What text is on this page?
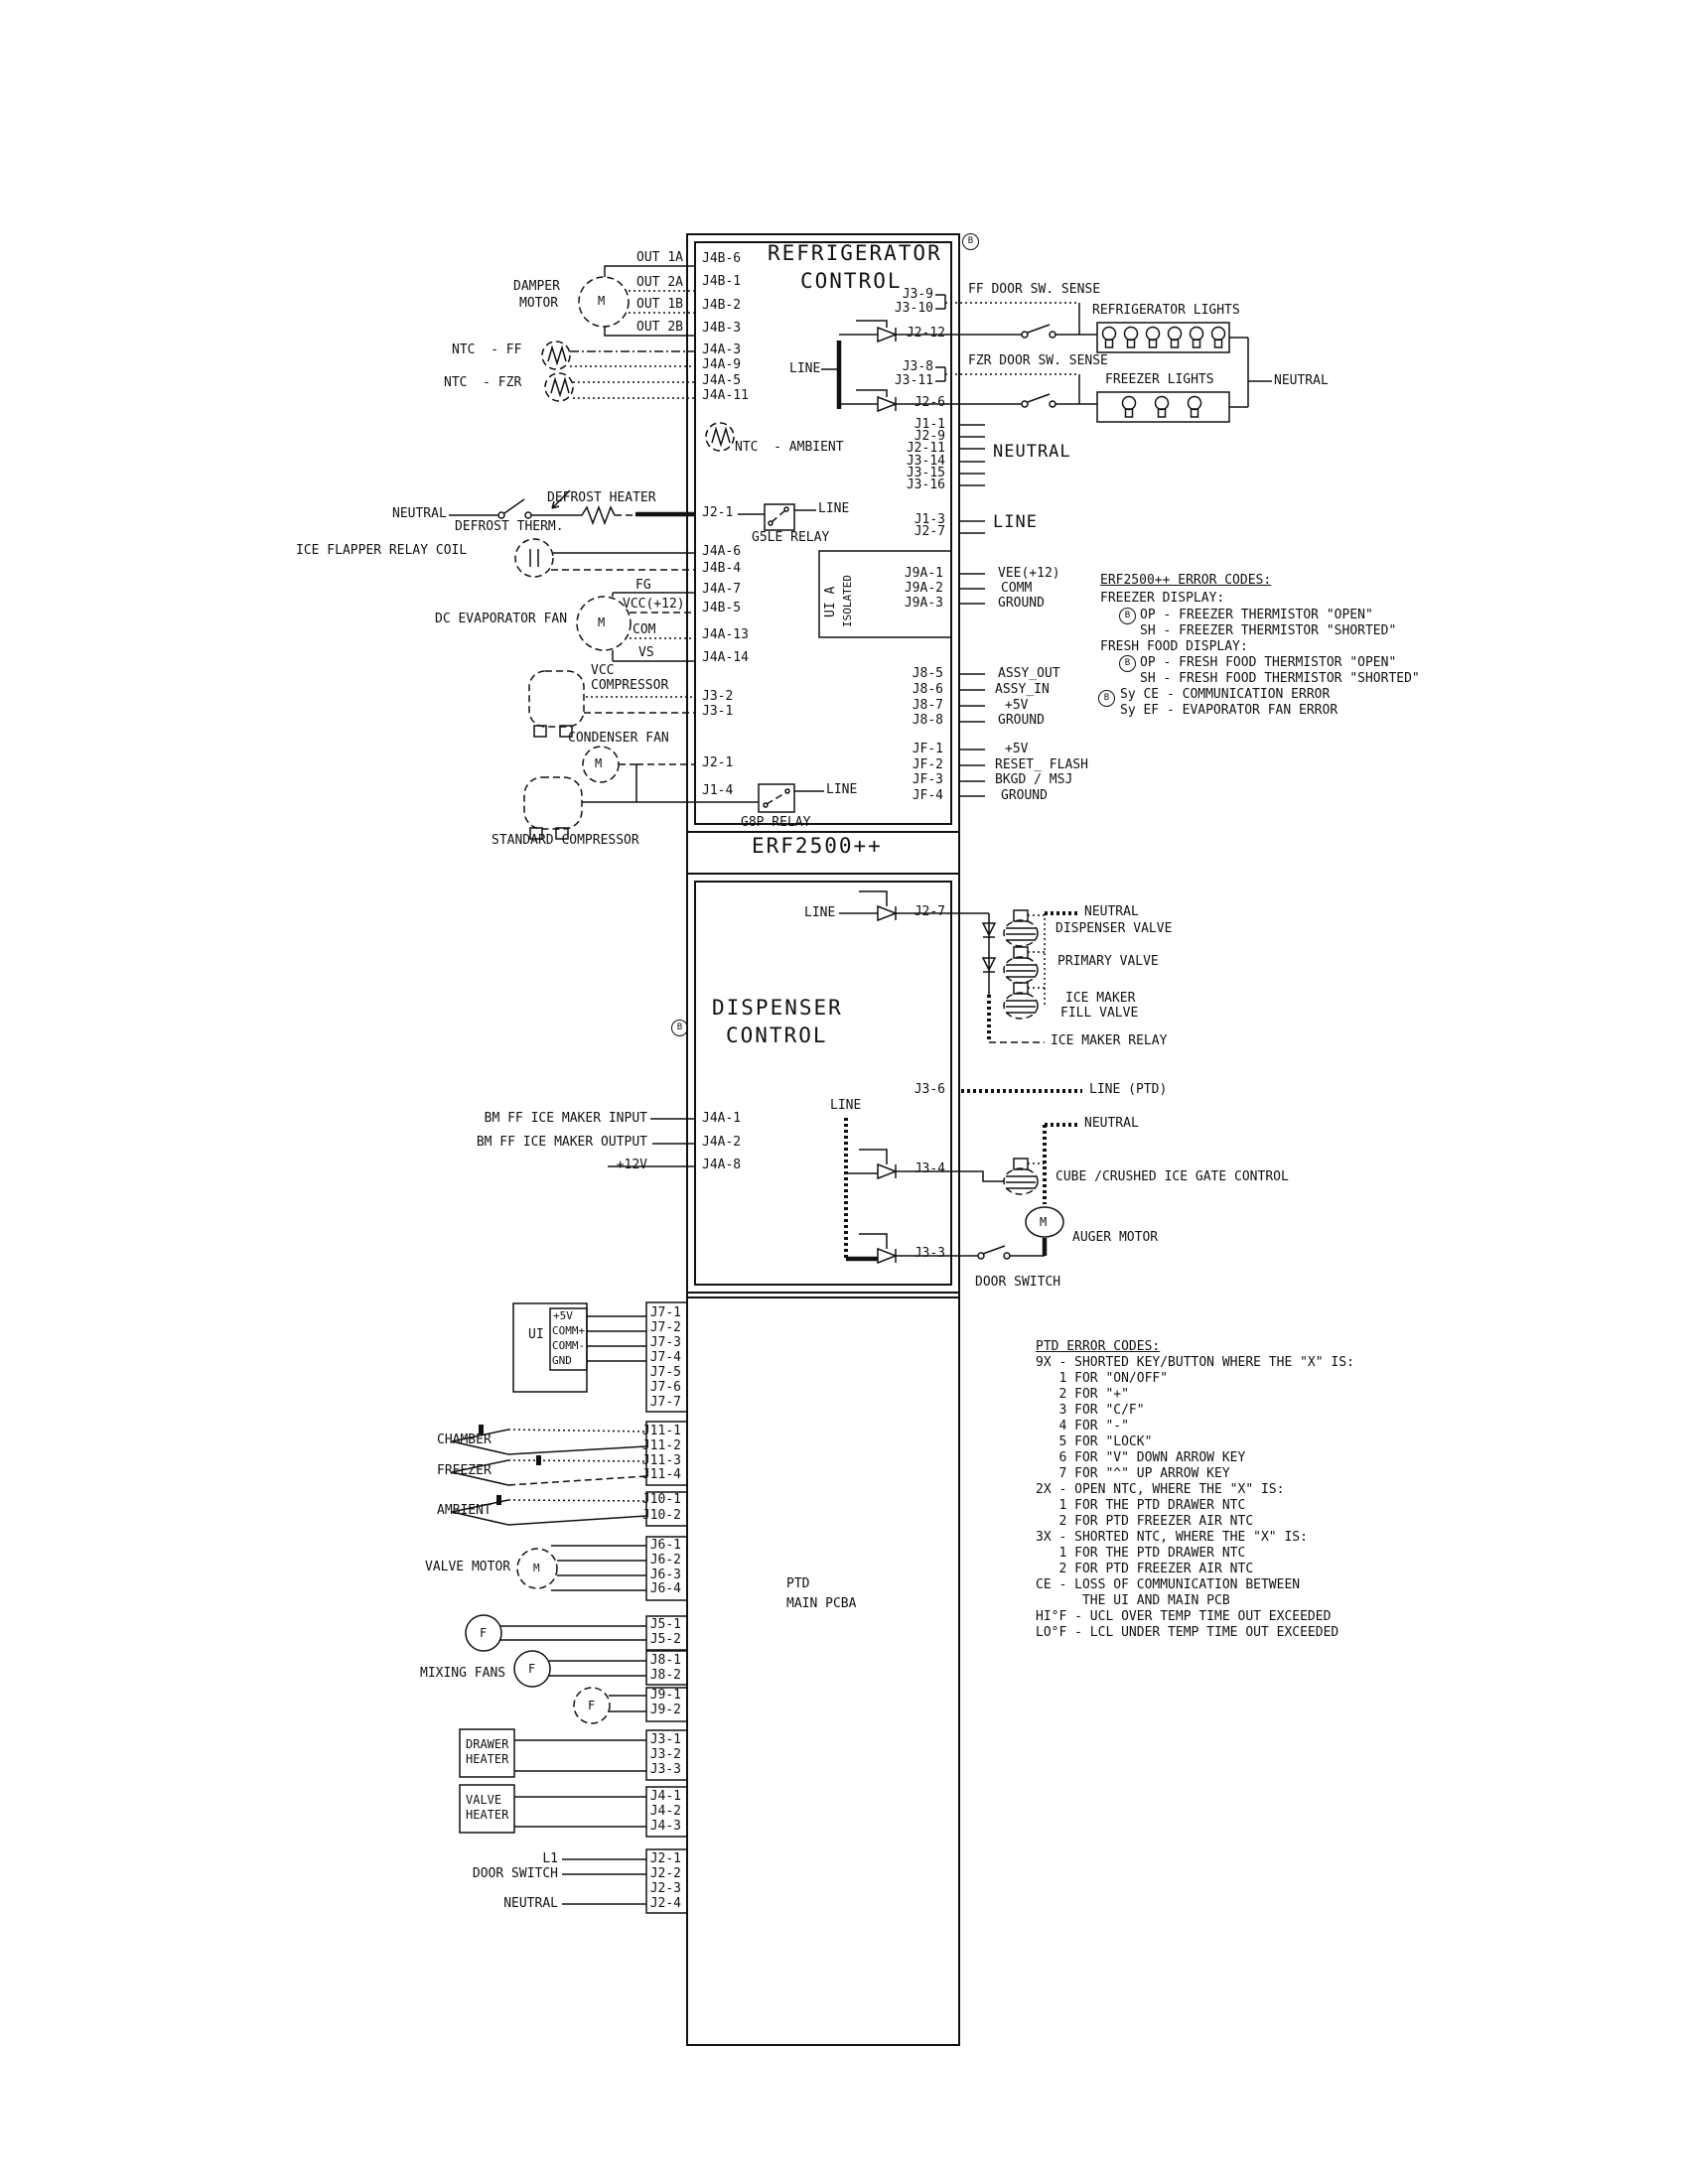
REFRIGERATOR
CONTROL
B
DAMPER
MOTOR	M
OUT 1A
OUT 2A
OUT 1B
OUT 2B
J4B-6
J4B-1
J4B-2
J4B-3
NTC  - FF	J4A-3
J4A-9
NTC  - FZR	J4A-5
J4A-11
NTC  - AMBIENT
LINE
J3-9
J3-10
FF DOOR SW. SENSE
J2-12
J3-8
J3-11
FZR DOOR SW. SENSE
J2-6
REFRIGERATOR LIGHTS
FREEZER LIGHTS	NEUTRAL
J1-1
J2-9
J2-11
J3-14
J3-15
J3-16
NEUTRAL
J1-3
J2-7	LINE
NEUTRAL
DEFROST HEATER
DEFROST THERM.
J2-1	LINE
G5LE RELAY
ICE FLAPPER RELAY COIL	J4A-6
J4B-4
DC EVAPORATOR FAN	M
FG
VCC(+12)
COM
VS
J4A-7
J4B-5
J4A-13
J4A-14
VCC
COMPRESSOR
J3-2
J3-1
CONDENSER FAN
M	J2-1
STANDARD COMPRESSOR
J1-4	LINE
G8P RELAY
UI A ISOLATED
J9A-1
J9A-2
J9A-3
VEE(+12)
COMM
GROUND
J8-5
J8-6
J8-7
J8-8
ASSY_OUT
ASSY_IN
+5V
GROUND
JF-1
JF-2
JF-3
JF-4
+5V
RESET_ FLASH
BKGD / MSJ
GROUND
ERF2500++
ERF2500++ ERROR CODES:
FREEZER DISPLAY:
OP - FREEZER THERMISTOR "OPEN"
SH - FREEZER THERMISTOR "SHORTED"
FRESH FOOD DISPLAY:
OP - FRESH FOOD THERMISTOR "OPEN"
SH - FRESH FOOD THERMISTOR "SHORTED"
Sy CE - COMMUNICATION ERROR
Sy EF - EVAPORATOR FAN ERROR
B
B
B
DISPENSER
CONTROL
B
LINE	J2-7	NEUTRAL
DISPENSER VALVE
PRIMARY VALVE
ICE MAKER
FILL VALVE
ICE MAKER RELAY
J3-6	LINE (PTD)
LINE
NEUTRAL
BM FF ICE MAKER INPUT	J4A-1
BM FF ICE MAKER OUTPUT	J4A-2
+12V	J4A-8	J3-4
CUBE /CRUSHED ICE GATE CONTROL
M
AUGER MOTOR
J3-3
DOOR SWITCH
PTD
MAIN PCBA
UI
+5V
COMM+
COMM-
GND
J7-1
J7-2
J7-3
J7-4
J7-5
J7-6
J7-7
CHAMBER
J11-1
J11-2
J11-3
J11-4
FREEZER
AMBIENT
J10-1
J10-2
VALVE MOTOR M
J6-1
J6-2
J6-3
J6-4
MIXING FANS
F
F
F
J5-1
J5-2
J8-1
J8-2
J9-1
J9-2
DRAWER
HEATER
J3-1
J3-2
J3-3
VALVE
HEATER
J4-1
J4-2
J4-3
L1	J2-1
DOOR SWITCH	J2-2
J2-3
NEUTRAL	J2-4
PTD ERROR CODES:
9X - SHORTED KEY/BUTTON WHERE THE "X" IS:
1 FOR "ON/OFF"
2 FOR "+"
3 FOR "C/F"
4 FOR "-"
5 FOR "LOCK"
6 FOR "V" DOWN ARROW KEY
7 FOR "^" UP ARROW KEY
2X - OPEN NTC, WHERE THE "X" IS:
1 FOR THE PTD DRAWER NTC
2 FOR PTD FREEZER AIR NTC
3X - SHORTED NTC, WHERE THE "X" IS:
1 FOR THE PTD DRAWER NTC
2 FOR PTD FREEZER AIR NTC
CE - LOSS OF COMMUNICATION BETWEEN
THE UI AND MAIN PCB
HI°F - UCL OVER TEMP TIME OUT EXCEEDED
LO°F - LCL UNDER TEMP TIME OUT EXCEEDED
